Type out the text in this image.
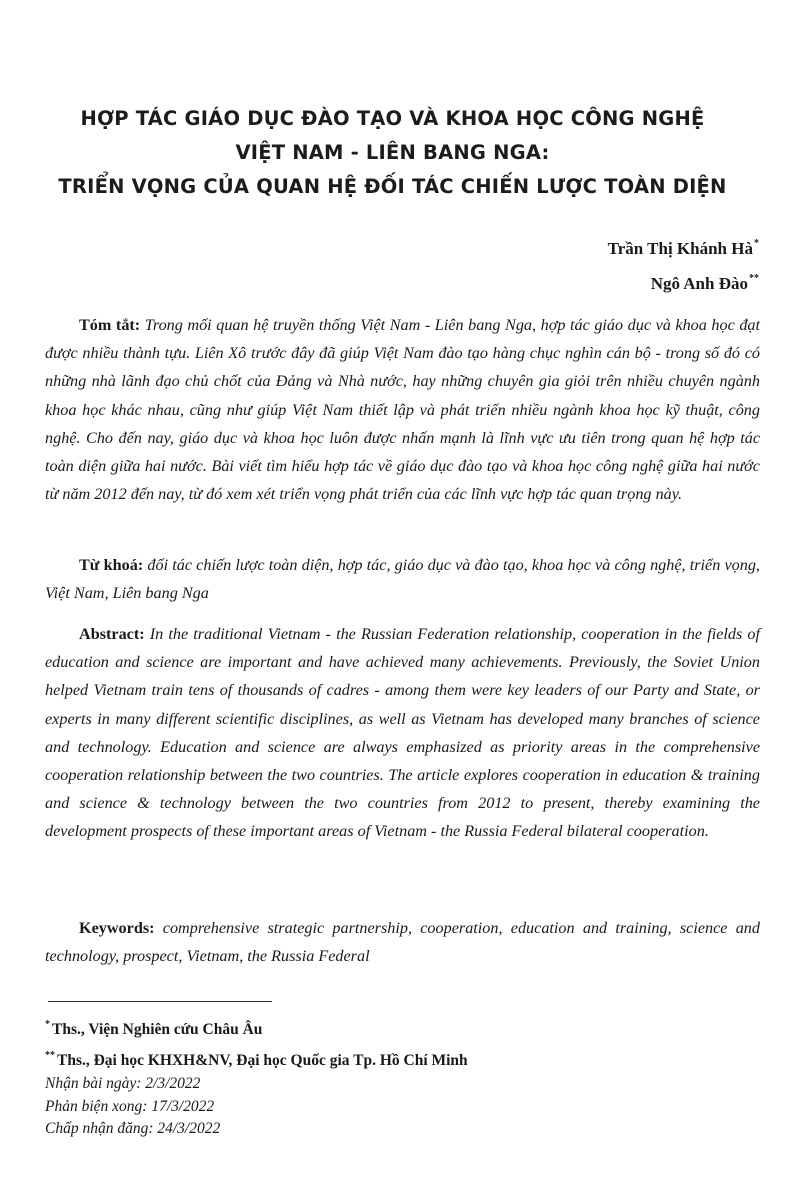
HỢP TÁC GIÁO DỤC ĐÀO TẠO VÀ KHOA HỌC CÔNG NGHỆ
VIỆT NAM - LIÊN BANG NGA:
TRIỂN VỌNG CỦA QUAN HỆ ĐỐI TÁC CHIẾN LƯỢC TOÀN DIỆN
Trần Thị Khánh Hà*
Ngô Anh Đào**

Tóm tắt: Trong mối quan hệ truyền thống Việt Nam - Liên bang Nga, hợp tác giáo dục và khoa học đạt được nhiều thành tựu. Liên Xô trước đây đã giúp Việt Nam đào tạo hàng chục nghìn cán bộ - trong số đó có những nhà lãnh đạo chủ chốt của Đảng và Nhà nước, hay những chuyên gia giỏi trên nhiều chuyên ngành khoa học khác nhau, cũng như giúp Việt Nam thiết lập và phát triển nhiều ngành khoa học kỹ thuật, công nghệ. Cho đến nay, giáo dục và khoa học luôn được nhấn mạnh là lĩnh vực ưu tiên trong quan hệ hợp tác toàn diện giữa hai nước. Bài viết tìm hiểu hợp tác về giáo dục đào tạo và khoa học công nghệ giữa hai nước từ năm 2012 đến nay, từ đó xem xét triển vọng phát triển của các lĩnh vực hợp tác quan trọng này.

Từ khoá: đối tác chiến lược toàn diện, hợp tác, giáo dục và đào tạo, khoa học và công nghệ, triển vọng, Việt Nam, Liên bang Nga

Abstract: In the traditional Vietnam - the Russian Federation relationship, cooperation in the fields of education and science are important and have achieved many achievements. Previously, the Soviet Union helped Vietnam train tens of thousands of cadres - among them were key leaders of our Party and State, or experts in many different scientific disciplines, as well as Vietnam has developed many branches of science and technology. Education and science are always emphasized as priority areas in the comprehensive cooperation relationship between the two countries. The article explores cooperation in education & training and science & technology between the two countries from 2012 to present, thereby examining the development prospects of these important areas of Vietnam - the Russia Federal bilateral cooperation.

Keywords: comprehensive strategic partnership, cooperation, education and training, science and technology, prospect, Vietnam, the Russia Federal

* Ths., Viện Nghiên cứu Châu Âu
** Ths., Đại học KHXH&NV, Đại học Quốc gia Tp. Hồ Chí Minh
Nhận bài ngày: 2/3/2022
Phản biện xong: 17/3/2022
Chấp nhận đăng: 24/3/2022
